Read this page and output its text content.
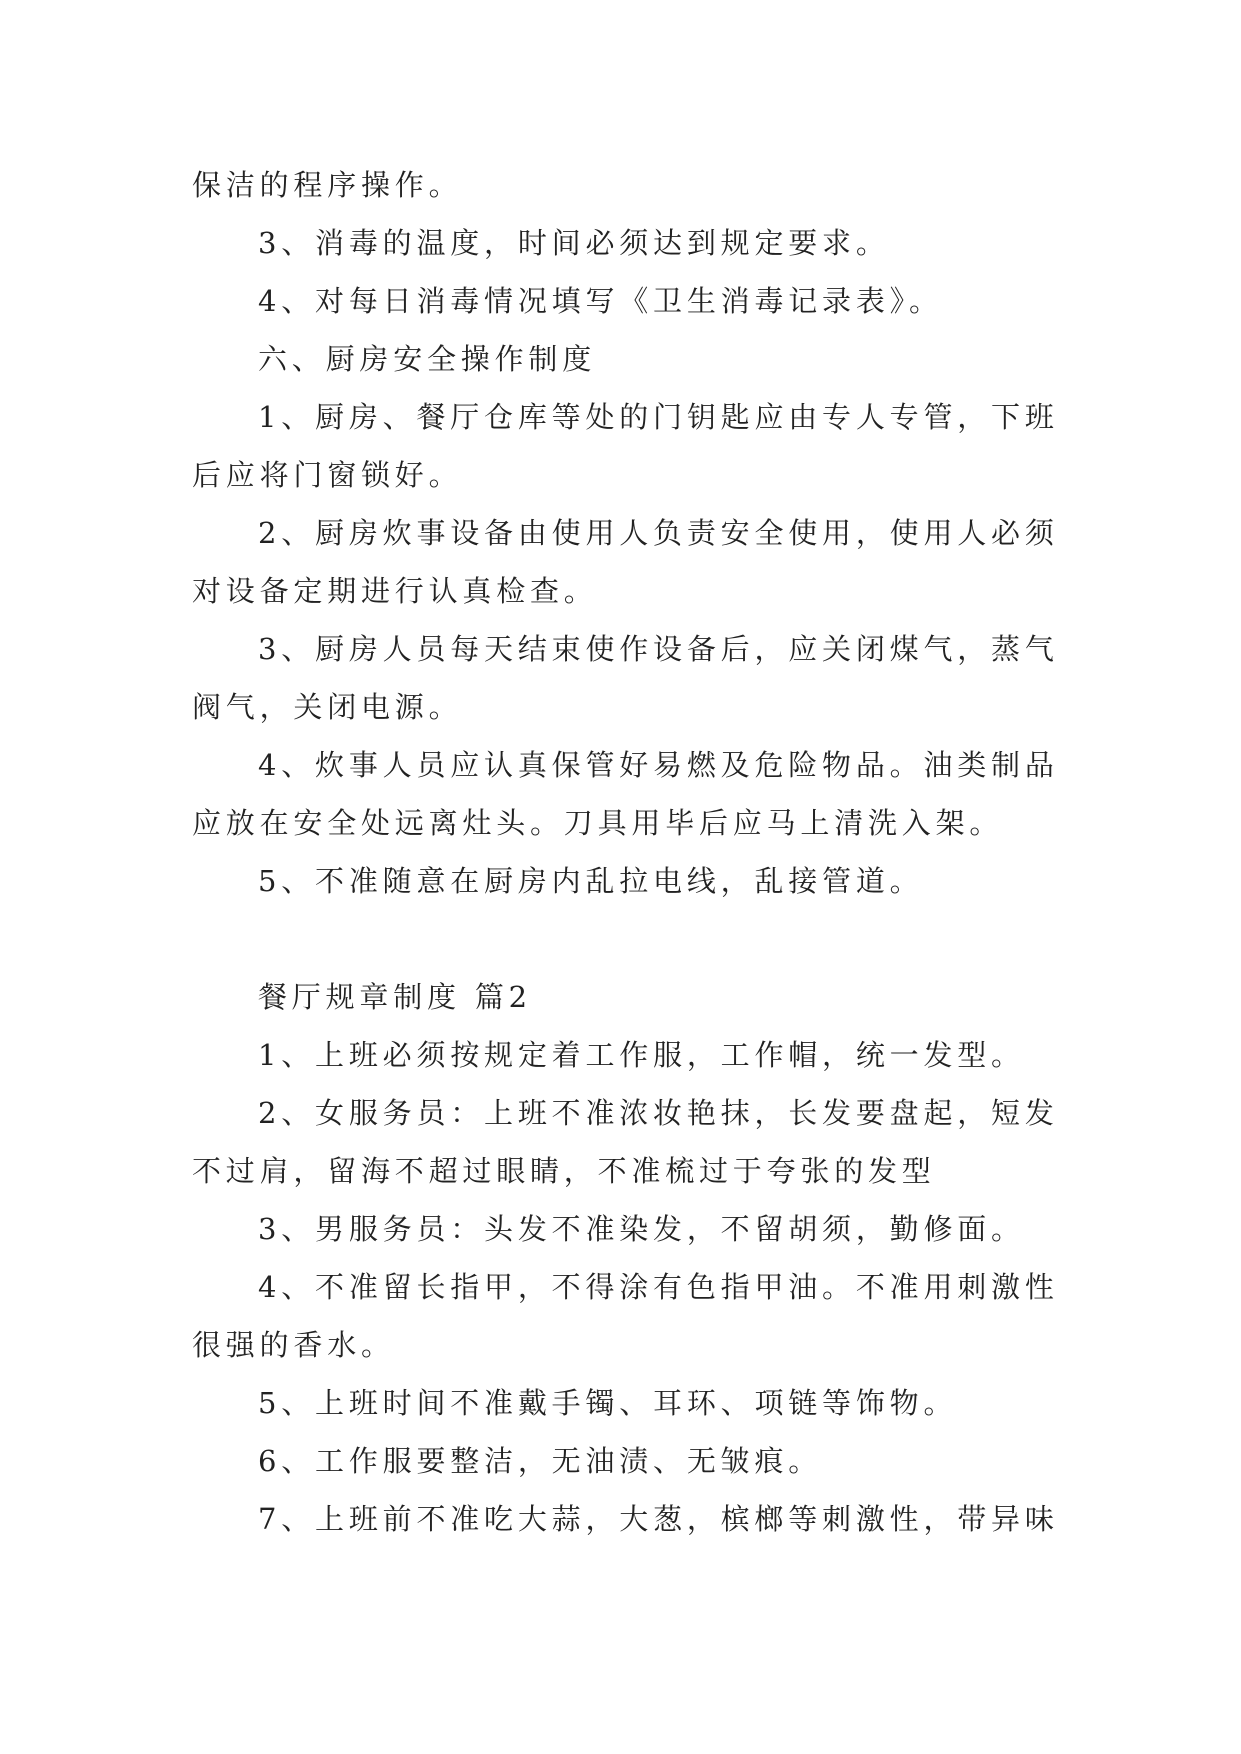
保洁的程序操作。

3、消毒的温度，时间必须达到规定要求。

4、对每日消毒情况填写《卫生消毒记录表》。

六、厨房安全操作制度

1、厨房、餐厅仓库等处的门钥匙应由专人专管，下班后应将门窗锁好。

2、厨房炊事设备由使用人负责安全使用，使用人必须对设备定期进行认真检查。

3、厨房人员每天结束使作设备后，应关闭煤气，蒸气阀气，关闭电源。

4、炊事人员应认真保管好易燃及危险物品。油类制品应放在安全处远离灶头。刀具用毕后应马上清洗入架。

5、不准随意在厨房内乱拉电线，乱接管道。

餐厅规章制度 篇2

1、上班必须按规定着工作服，工作帽，统一发型。

2、女服务员：上班不准浓妆艳抹，长发要盘起，短发不过肩，留海不超过眼睛，不准梳过于夸张的发型

3、男服务员：头发不准染发，不留胡须，勤修面。

4、不准留长指甲，不得涂有色指甲油。不准用刺激性很强的香水。

5、上班时间不准戴手镯、耳环、项链等饰物。

6、工作服要整洁，无油渍、无皱痕。

7、上班前不准吃大蒜，大葱，槟榔等刺激性，带异味
